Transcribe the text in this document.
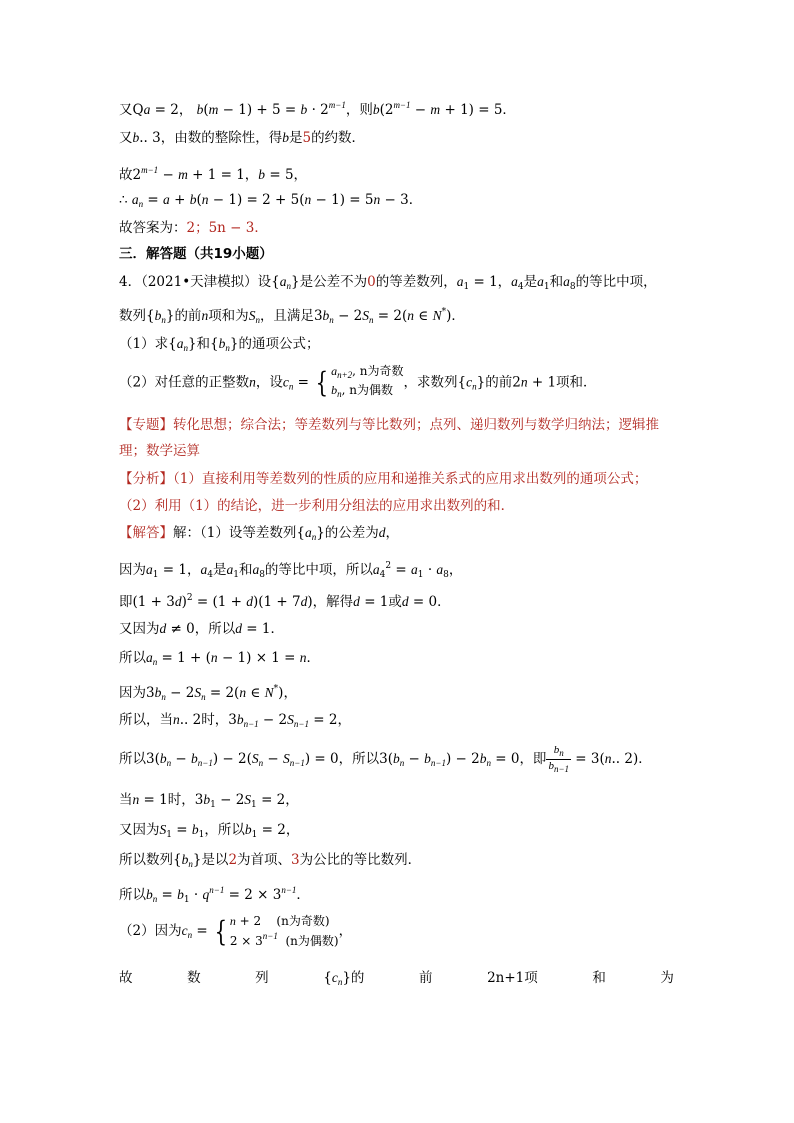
又Qa = 2， $b(m - 1) + 5 = b \cdot 2^{m-1}$，则$b(2^{m-1} - m + 1) = 5$．
又b.. 3，由数的整除性，得b是5的约数．
故$2^{m-1} - m + 1 = 1$，b = 5，
∴ $a_n = a + b(n - 1) = 2 + 5(n - 1) = 5n - 3$．
故答案为：2；5n − 3．
三．解答题（共19小题）
4．（2021•天津模拟）设$\{a_n\}$是公差不为0的等差数列，$a_1 = 1$，$a_4$是$a_1$和$a_8$的等比中项，
数列$\{b_n\}$的前n项和为$S_n$，且满足$3b_n - 2S_n = 2(n$ ∈ N*)．
（1）求$\{a_n\}$和$\{b_n\}$的通项公式；
（2）对任意的正整数n，设$c_n$ = { $a_{n+2}$, n为奇数
$b_n$, n为偶数 ，求数列$\{c_n\}$的前2n + 1项和．
【专题】转化思想；综合法；等差数列与等比数列；点列、递归数列与数学归纳法；逻辑推
理；数学运算
【分析】（1）直接利用等差数列的性质的应用和递推关系式的应用求出数列的通项公式；
（2）利用（1）的结论，进一步利用分组法的应用求出数列的和．
【解答】解：（1）设等差数列$\{a_n\}$的公差为d，
因为$a_1 = 1$，$a_4$是$a_1$和$a_8$的等比中项，所以$a_4^2 = a_1 \cdot a_8$，
即$(1 + 3d)^2 = (1 + d)(1 + 7d)$，解得d = 1或d = 0．
又因为d ≠ 0，所以d = 1．
所以$a_n = 1 + (n - 1) \times 1 = n$．
因为$3b_n - 2S_n = 2(n$ ∈ N*)，
所以，当n.. 2时，$3b_{n-1} - 2S_{n-1} = 2$，
所以$3(b_n - b_{n-1}) - 2(S_n - S_{n-1}) = 0$，所以$3(b_n - b_{n-1}) - 2b_n = 0$，即 $\frac{b_n}{b_{n-1}} = 3(n$.. 2)．
当n = 1时，$3b_1 - 2S_1 = 2$，
又因为$S_1 = b_1$，所以$b_1 = 2$，
所以数列$\{b_n\}$是以2为首项、3为公比的等比数列．
所以$b_n = b_1 \cdot q^{n-1} = 2 \times 3^{n-1}$．
（2）因为$c_n$ = { n + 2    (n为奇数)
$2 \times 3^{n-1}$  (n为偶数)
，
故	数	列	$\{c_n\}$的	前	2n+1项	和	为
